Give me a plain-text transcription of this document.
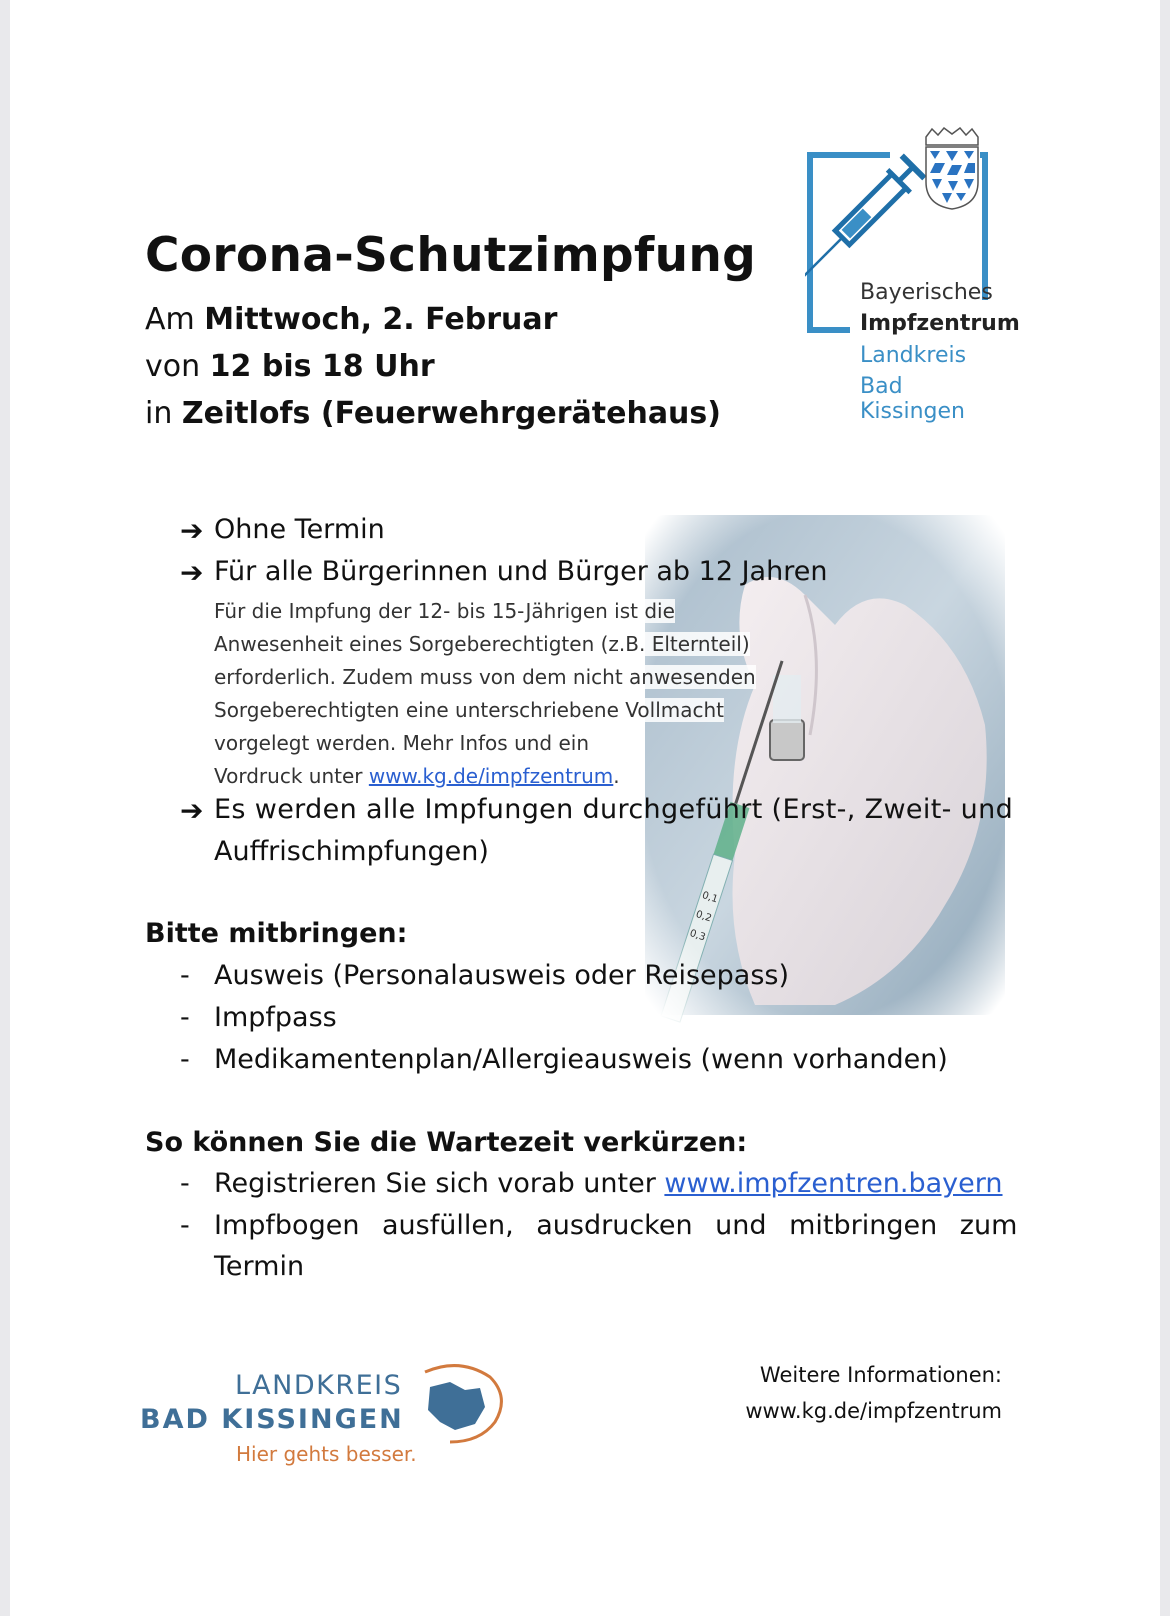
Bayerisches
Impfzentrum
Landkreis
Bad Kissingen
Corona-Schutzimpfung
Am Mittwoch, 2. Februar
von 12 bis 18 Uhr
in Zeitlofs (Feuerwehrgerätehaus)
➔ Ohne Termin
➔ Für alle Bürgerinnen und Bürger ab 12 Jahren
Für die Impfung der 12- bis 15-Jährigen ist die
Anwesenheit eines Sorgeberechtigten (z.B. Elternteil)
erforderlich. Zudem muss von dem nicht anwesenden
Sorgeberechtigten eine unterschriebene Vollmacht
vorgelegt werden. Mehr Infos und ein
Vordruck unter www.kg.de/impfzentrum.
➔ Es werden alle Impfungen durchgeführt (Erst-, Zweit- und
Auffrischimpfungen)
Bitte mitbringen:
- Ausweis (Personalausweis oder Reisepass)
- Impfpass
- Medikamentenplan/Allergieausweis (wenn vorhanden)
So können Sie die Wartezeit verkürzen:
- Registrieren Sie sich vorab unter www.impfzentren.bayern
- Impfbogen ausfüllen, ausdrucken und mitbringen zum
Termin
LANDKREIS
BAD KISSINGEN
Hier gehts besser.
Weitere Informationen:
www.kg.de/impfzentrum
